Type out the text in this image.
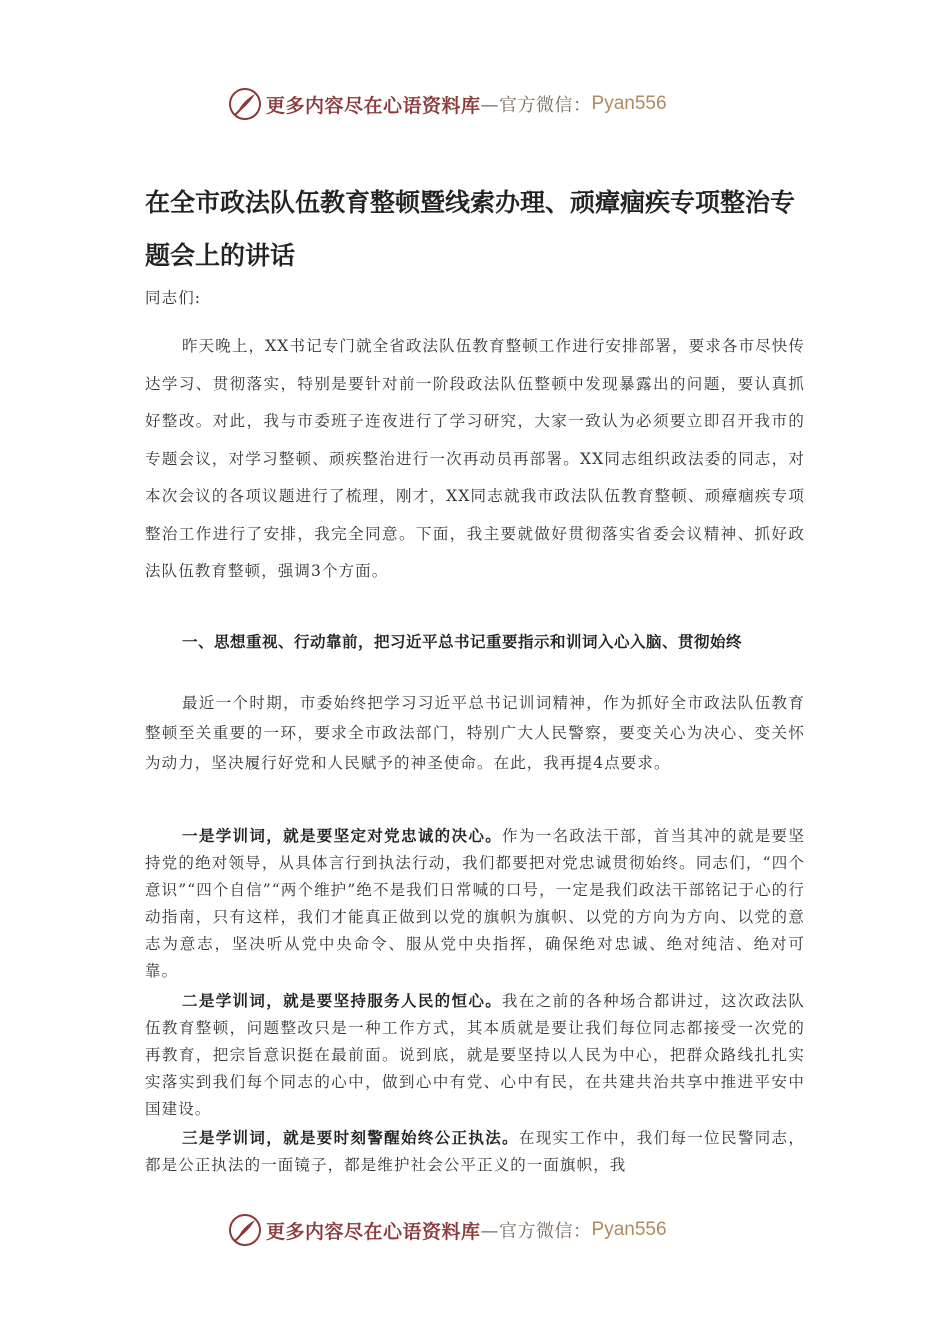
更多内容尽在心语资料库 —官方微信： Pyan556
在全市政法队伍教育整顿暨线索办理、顽瘴痼疾专项整治专题会上的讲话

同志们:

昨天晚上，XX书记专门就全省政法队伍教育整顿工作进行安排部署，要求各市尽快传达学习、贯彻落实，特别是要针对前一阶段政法队伍整顿中发现暴露出的问题，要认真抓好整改。对此，我与市委班子连夜进行了学习研究，大家一致认为必须要立即召开我市的专题会议，对学习整顿、顽疾整治进行一次再动员再部署。XX同志组织政法委的同志，对本次会议的各项议题进行了梳理，刚才，XX同志就我市政法队伍教育整顿、顽瘴痼疾专项整治工作进行了安排，我完全同意。下面，我主要就做好贯彻落实省委会议精神、抓好政法队伍教育整顿，强调3个方面。

一、思想重视、行动靠前，把习近平总书记重要指示和训词入心入脑、贯彻始终

最近一个时期，市委始终把学习习近平总书记训词精神，作为抓好全市政法队伍教育整顿至关重要的一环，要求全市政法部门，特别广大人民警察，要变关心为决心、变关怀为动力，坚决履行好党和人民赋予的神圣使命。在此，我再提4点要求。

一是学训词，就是要坚定对党忠诚的决心。作为一名政法干部，首当其冲的就是要坚持党的绝对领导，从具体言行到执法行动，我们都要把对党忠诚贯彻始终。同志们，“四个意识”“四个自信”“两个维护”绝不是我们日常喊的口号，一定是我们政法干部铭记于心的行动指南，只有这样，我们才能真正做到以党的旗帜为旗帜、以党的方向为方向、以党的意志为意志，坚决听从党中央命令、服从党中央指挥，确保绝对忠诚、绝对纯洁、绝对可靠。

二是学训词，就是要坚持服务人民的恒心。我在之前的各种场合都讲过，这次政法队伍教育整顿，问题整改只是一种工作方式，其本质就是要让我们每位同志都接受一次党的再教育，把宗旨意识挺在最前面。说到底，就是要坚持以人民为中心，把群众路线扎扎实实落实到我们每个同志的心中，做到心中有党、心中有民，在共建共治共享中推进平安中国建设。

三是学训词，就是要时刻警醒始终公正执法。在现实工作中，我们每一位民警同志，都是公正执法的一面镜子，都是维护社会公平正义的一面旗帜，我

更多内容尽在心语资料库 —官方微信： Pyan556
